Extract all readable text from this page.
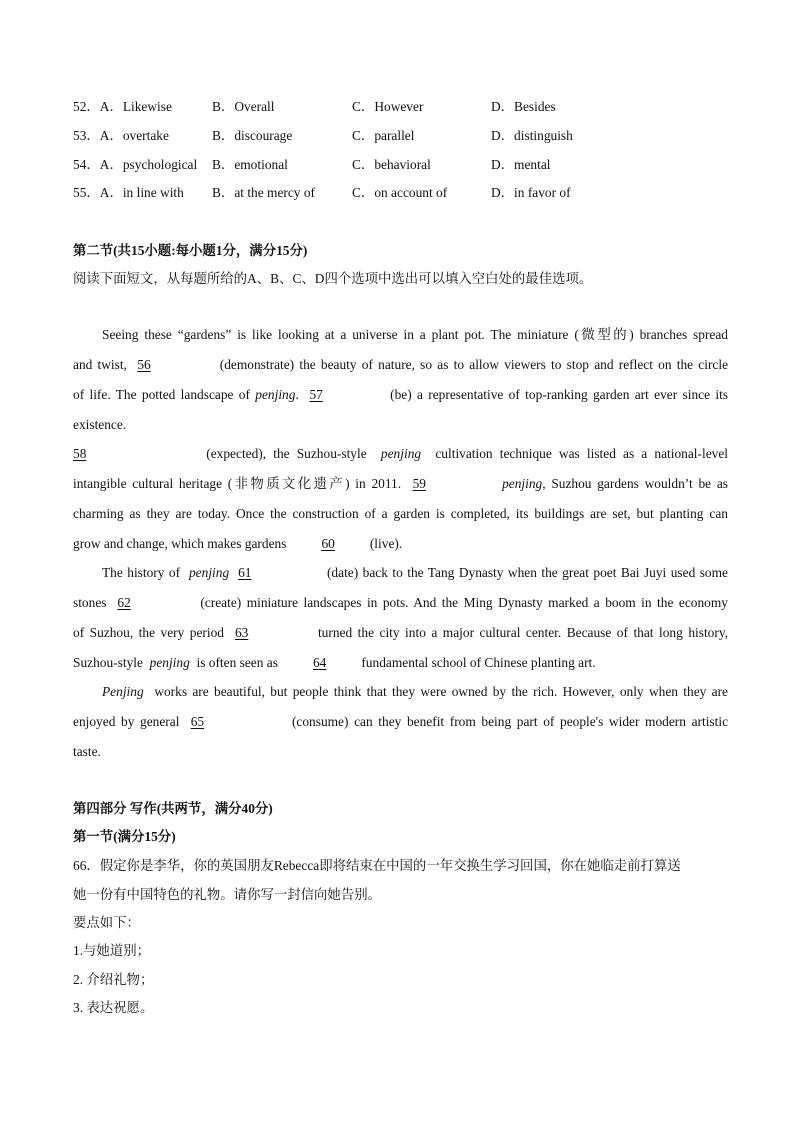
52．A．Likewise	B．Overall	C．However	D．Besides
53．A．overtake	B．discourage	C．parallel	D．distinguish
54．A．psychological B．emotional	C．behavioral	D．mental
55．A．in line with B．at the mercy of	C．on account of	D．in favor of
第二节(共15小题:每小题1分，满分15分)
阅读下面短文，从每题所给的A、B、C、D四个选项中选出可以填入空白处的最佳选项。
Seeing these “gardens” is like looking at a universe in a plant pot. The miniature (微型的) branches spread
and twist, 56	(demonstrate) the beauty of nature, so as to allow viewers to stop and reflect on the circle
of life. The potted landscape of penjing. 57	(be) a representative of top-ranking garden art ever since its
existence.
58	(expected), the Suzhou-style penjing cultivation technique was listed as a national-level
intangible cultural heritage (非物质文化遗产) in 2011. 59	penjing, Suzhou gardens wouldn’t be as
charming as they are today. Once the construction of a garden is completed, its buildings are set, but planting can
grow and change, which makes gardens	60	(live).
The history of penjing 61	(date) back to the Tang Dynasty when the great poet Bai Juyi used some
stones 62	(create) miniature landscapes in pots. And the Ming Dynasty marked a boom in the economy
of Suzhou, the very period 63	turned the city into a major cultural center. Because of that long history,
Suzhou-style penjing is often seen as	64	fundamental school of Chinese planting art.
Penjing works are beautiful, but people think that they were owned by the rich. However, only when they are
enjoyed by general 65	(consume) can they benefit from being part of people's wider modern artistic
taste.
第四部分 写作(共两节，满分40分)
第一节(满分15分)
66．假定你是李华，你的英国朋友Rebecca即将结束在中国的一年交换生学习回国，你在她临走前打算送
她一份有中国特色的礼物。请你写一封信向她告别。
要点如下：
1.与她道别；
2. 介绍礼物；
3. 表达祝愿。
